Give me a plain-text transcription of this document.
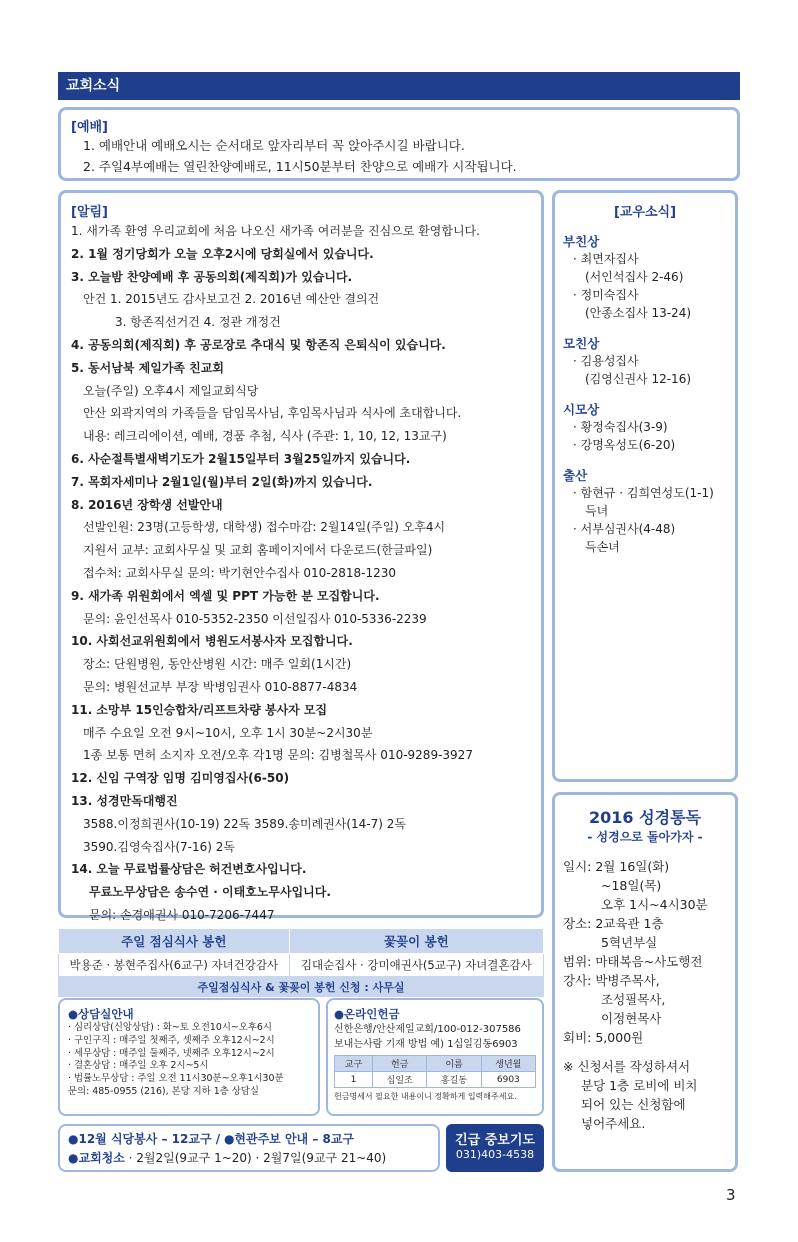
교회소식
[예배]
1. 예배안내 예배오시는 순서대로 앞자리부터 꼭 앉아주시길 바랍니다.
2. 주일4부예배는 열린찬양예배로, 11시50분부터 찬양으로 예배가 시작됩니다.
[알림]
1. 새가족 환영 우리교회에 처음 나오신 새가족 여러분을 진심으로 환영합니다.
2. 1월 정기당회가 오늘 오후2시에 당회실에서 있습니다.
3. 오늘밤 찬양예배 후 공동의회(제직회)가 있습니다.
안건 1. 2015년도 감사보고건 2. 2016년 예산안 결의건
3. 항존직선거건 4. 정관 개정건
4. 공동의회(제직회) 후 공로장로 추대식 및 항존직 은퇴식이 있습니다.
5. 동서남북 제일가족 친교회
오늘(주일) 오후4시 제일교회식당
안산 외곽지역의 가족들을 담임목사님, 후임목사님과 식사에 초대합니다.
내용: 레크리에이션, 예배, 경품 추첨, 식사 (주관: 1, 10, 12, 13교구)
6. 사순절특별새벽기도가 2월15일부터 3월25일까지 있습니다.
7. 목회자세미나 2월1일(월)부터 2일(화)까지 있습니다.
8. 2016년 장학생 선발안내
선발인원: 23명(고등학생, 대학생) 접수마감: 2월14일(주일) 오후4시
지원서 교부: 교회사무실 및 교회 홈페이지에서 다운로드(한글파일)
접수처: 교회사무실 문의: 박기현안수집사 010-2818-1230
9. 새가족 위원회에서 엑셀 및 PPT 가능한 분 모집합니다.
문의: 윤인선목사 010-5352-2350 이선일집사 010-5336-2239
10. 사회선교위원회에서 병원도서봉사자 모집합니다.
장소: 단원병원, 동안산병원 시간: 매주 일회(1시간)
문의: 병원선교부 부장 박병임권사 010-8877-4834
11. 소망부 15인승합차/리프트차량 봉사자 모집
매주 수요일 오전 9시~10시, 오후 1시 30분~2시30분
1종 보통 면허 소지자 오전/오후 각1명 문의: 김병철목사 010-9289-3927
12. 신임 구역장 임명 김미영집사(6-50)
13. 성경만독대행진
3588.이정희권사(10-19) 22독 3589.송미례권사(14-7) 2독
3590.김영숙집사(7-16) 2독
14. 오늘 무료법률상담은 허건변호사입니다.
무료노무상담은 송수연 · 이태호노무사입니다.
문의: 손경애권사 010-7206-7447
[교우소식]
부친상
· 최면자집사
(서인석집사 2-46)
· 정미숙집사
(안종소집사 13-24)
모친상
· 김용성집사
(김영신권사 12-16)
시모상
· 황정숙집사(3-9)
· 강명옥성도(6-20)
출산
· 함현규 · 김희연성도(1-1)
득녀
· 서부심권사(4-48)
득손녀
2016 성경통독
- 성경으로 돌아가자 -
일시: 2월 16일(화)
~18일(목)
오후 1시~4시30분
장소: 2교육관 1층
5혁년부실
범위: 마태복음~사도행전
강사: 박병주목사,
조성필목사,
이정현목사
회비: 5,000원
※ 신청서를 작성하셔서
분당 1층 로비에 비치
되어 있는 신청함에
넣어주세요.
주일 점심식사 봉헌	꽃꽂이 봉헌
박용준 · 봉현주집사(6교구) 자녀건강감사	김대순집사 · 강미애권사(5교구) 자녀결혼감사
주일점심식사 & 꽃꽂이 봉헌 신청 : 사무실
●상담실안내
· 심리상담(신앙상담) : 화~토 오전10시~오후6시
· 구인구직 : 매주일 첫째주, 셋째주 오후12시~2시
· 세무상담 : 매주일 둘째주, 넷째주 오후12시~2시
· 결혼상담 : 매주일 오후 2시~5시
· 법률노무상담 : 주일 오전 11시30분~오후1시30분
문의: 485-0955 (216), 본당 지하 1층 상담실
●온라인헌금
신한은행/안산제일교회/100-012-307586
보내는사람 기재 방법 예) 1십일김동6903
교구	헌금	이름	생년월
1	십일조	홍길동	6903
헌금명세서 필요한 내용이니 정확하게 입력해주세요.
●12월 식당봉사 – 12교구 / ●현관주보 안내 – 8교구
●교회청소 · 2월2일(9교구 1~20) · 2월7일(9교구 21~40)
긴급 중보기도
031)403-4538
3
